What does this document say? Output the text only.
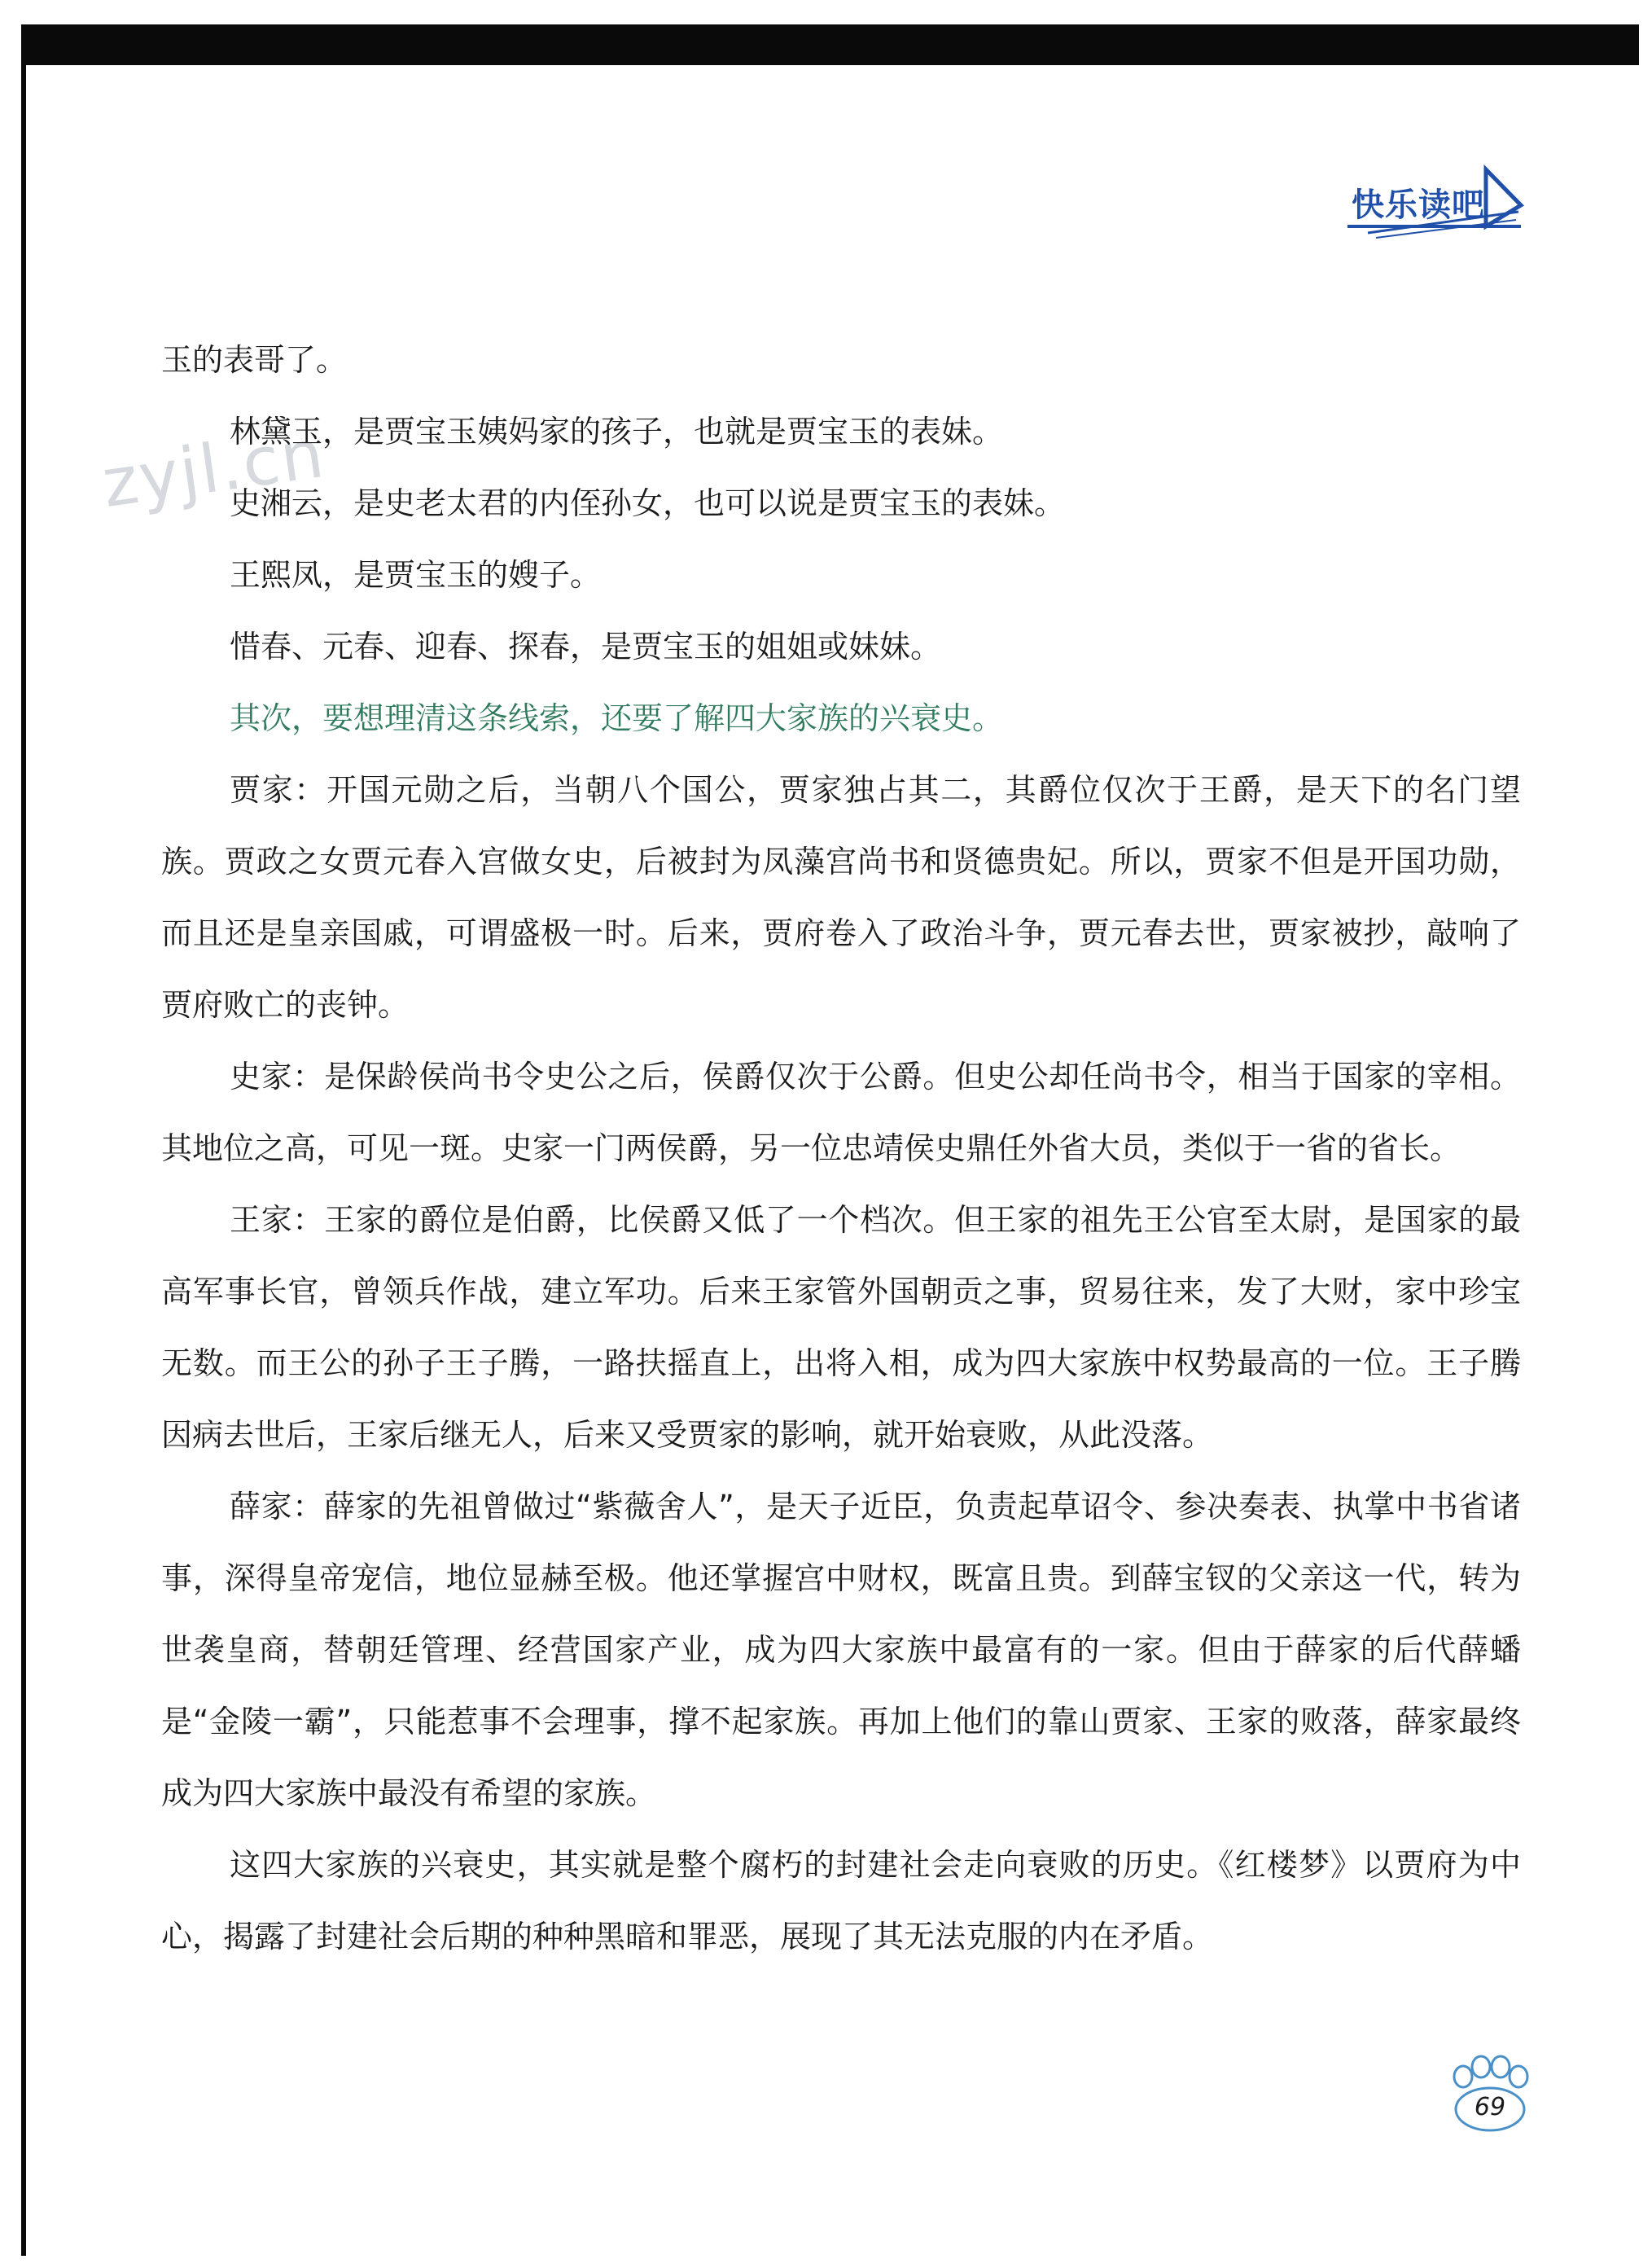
快乐读吧
zyjl.cn

玉的表哥了。

林黛玉，是贾宝玉姨妈家的孩子，也就是贾宝玉的表妹。

史湘云，是史老太君的内侄孙女，也可以说是贾宝玉的表妹。

王熙凤，是贾宝玉的嫂子。

惜春、元春、迎春、探春，是贾宝玉的姐姐或妹妹。

其次，要想理清这条线索，还要了解四大家族的兴衰史。

贾家：开国元勋之后，当朝八个国公，贾家独占其二，其爵位仅次于王爵，是天下的名门望族。贾政之女贾元春入宫做女史，后被封为凤藻宫尚书和贤德贵妃。所以，贾家不但是开国功勋，而且还是皇亲国戚，可谓盛极一时。后来，贾府卷入了政治斗争，贾元春去世，贾家被抄，敲响了贾府败亡的丧钟。

史家：是保龄侯尚书令史公之后，侯爵仅次于公爵。但史公却任尚书令，相当于国家的宰相。其地位之高，可见一斑。史家一门两侯爵，另一位忠靖侯史鼎任外省大员，类似于一省的省长。

王家：王家的爵位是伯爵，比侯爵又低了一个档次。但王家的祖先王公官至太尉，是国家的最高军事长官，曾领兵作战，建立军功。后来王家管外国朝贡之事，贸易往来，发了大财，家中珍宝无数。而王公的孙子王子腾，一路扶摇直上，出将入相，成为四大家族中权势最高的一位。王子腾因病去世后，王家后继无人，后来又受贾家的影响，就开始衰败，从此没落。

薛家：薛家的先祖曾做过“紫薇舍人”，是天子近臣，负责起草诏令、参决奏表、执掌中书省诸事，深得皇帝宠信，地位显赫至极。他还掌握宫中财权，既富且贵。到薛宝钗的父亲这一代，转为世袭皇商，替朝廷管理、经营国家产业，成为四大家族中最富有的一家。但由于薛家的后代薛蟠是“金陵一霸”，只能惹事不会理事，撑不起家族。再加上他们的靠山贾家、王家的败落，薛家最终成为四大家族中最没有希望的家族。

这四大家族的兴衰史，其实就是整个腐朽的封建社会走向衰败的历史。《红楼梦》以贾府为中心，揭露了封建社会后期的种种黑暗和罪恶，展现了其无法克服的内在矛盾。

69
